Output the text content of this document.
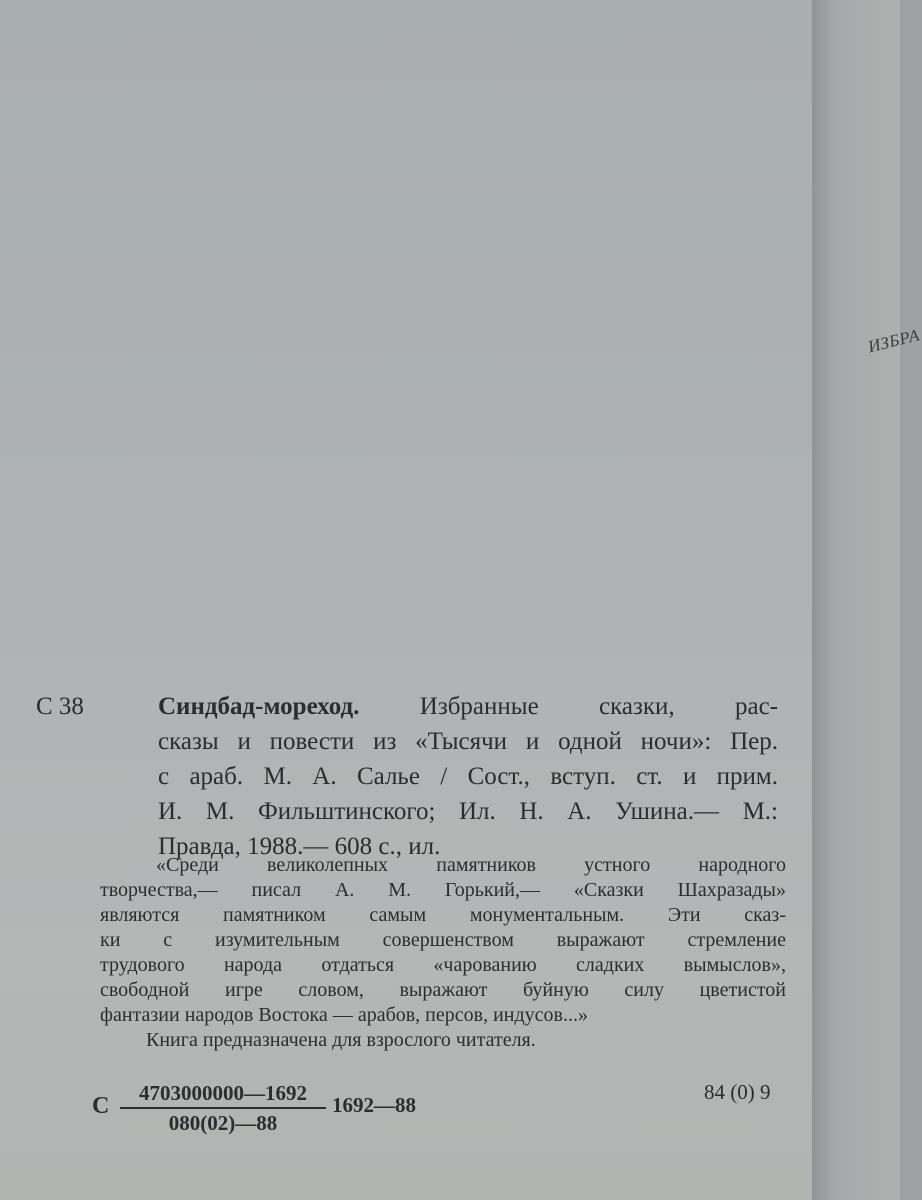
С 38	Синдбад-мореход. Избранные сказки, рас-
сказы и повести из «Тысячи и одной ночи»: Пер.
с араб. М. А. Салье / Сост., вступ. ст. и прим.
И. М. Фильштинского; Ил. Н. А. Ушина.— М.:
Правда, 1988.— 608 с., ил.
«Среди великолепных памятников устного народного
творчества,— писал А. М. Горький,— «Сказки Шахразады»
являются памятником самым монументальным. Эти сказ-
ки с изумительным совершенством выражают стремление
трудового народа отдаться «чарованию сладких вымыслов»,
свободной игре словом, выражают буйную силу цветистой
фантазии народов Востока — арабов, персов, индусов...»
Книга предназначена для взрослого читателя.
С $\frac{4703000000—1692}{080(02)—88}$ 1692—88
84 (0) 9
ИЗБРА
